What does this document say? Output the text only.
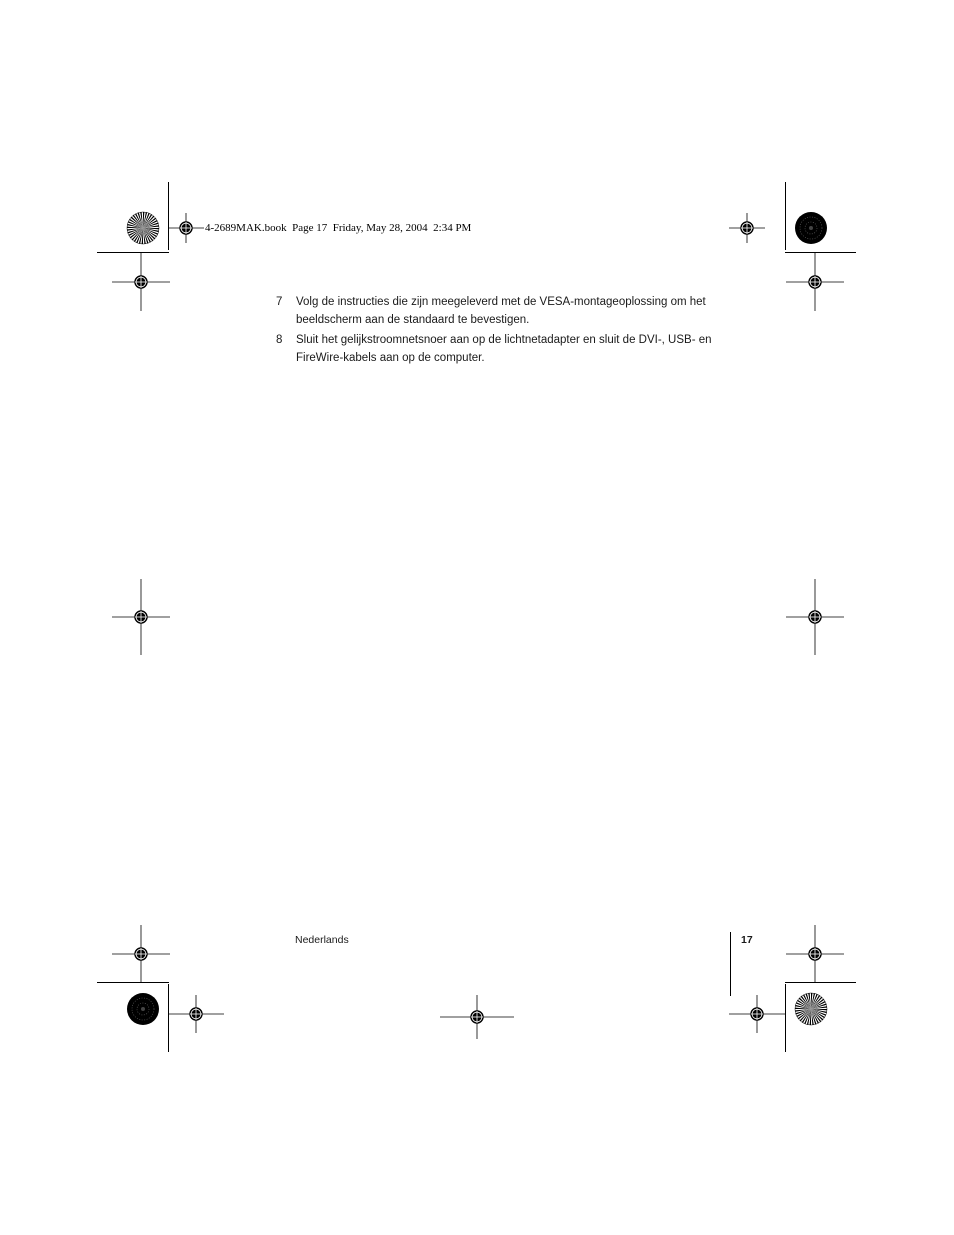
4-2689MAK.book  Page 17  Friday, May 28, 2004  2:34 PM
7 Volg de instructies die zijn meegeleverd met de VESA-montageoplossing om het beeldscherm aan de standaard te bevestigen.
8 Sluit het gelijkstroomnetsnoer aan op de lichtnetadapter en sluit de DVI-, USB- en FireWire-kabels aan op de computer.
Nederlands	17
